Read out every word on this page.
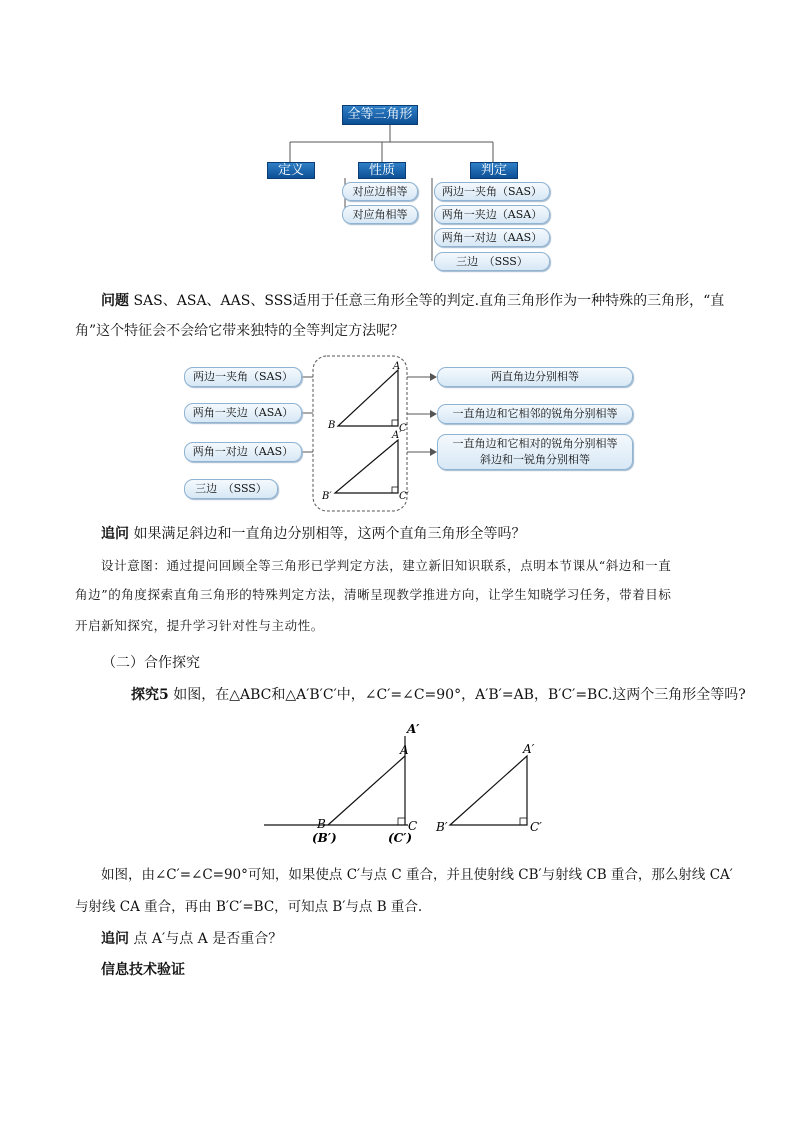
全等三角形
定义	性质	判定
对应边相等
对应角相等
两边一夹角（SAS）
两角一夹边（ASA）
两角一对边（AAS）
三边　（SSS）
问题 SAS、ASA、AAS、SSS适用于任意三角形全等的判定.直角三角形作为一种特殊的三角形，“直
角”这个特征会不会给它带来独特的全等判定方法呢？
A
B	C
A′
B′	C′
两边一夹角（SAS）
两角一夹边（ASA）
两角一对边（AAS）
三边　（SSS）
两直角边分别相等
一直角边和它相邻的锐角分别相等
一直角边和它相对的锐角分别相等
斜边和一锐角分别相等
追问 如果满足斜边和一直角边分别相等，这两个直角三角形全等吗？
设计意图：通过提问回顾全等三角形已学判定方法，建立新旧知识联系，点明本节课从“斜边和一直
角边”的角度探索直角三角形的特殊判定方法，清晰呈现教学推进方向，让学生知晓学习任务，带着目标
开启新知探究，提升学习针对性与主动性。
（二）合作探究
探究5 如图，在△ABC和△A′B′C′中，∠C′=∠C=90°，A′B′=AB，B′C′=BC.这两个三角形全等吗?
A′
A
B	C
(B′)	(C′)
A′
B′	C′
如图，由∠C′=∠C=90°可知，如果使点 C′与点 C 重合，并且使射线 CB′与射线 CB 重合，那么射线 CA′
与射线 CA 重合，再由 B′C′=BC，可知点 B′与点 B 重合.
追问 点 A′与点 A 是否重合？
信息技术验证
